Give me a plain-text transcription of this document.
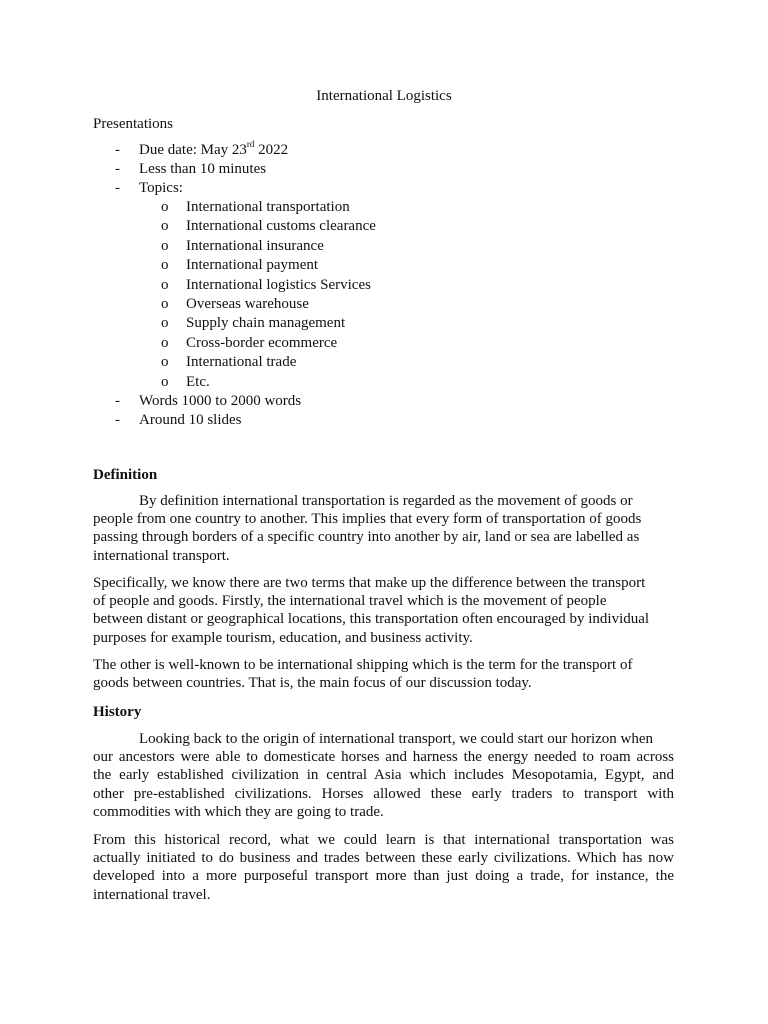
International Logistics
Presentations
- Due date: May 23rd 2022
- Less than 10 minutes
- Topics:
o International transportation
o International customs clearance
o International insurance
o International payment
o International logistics Services
o Overseas warehouse
o Supply chain management
o Cross-border ecommerce
o International trade
o Etc.
- Words 1000 to 2000 words
- Around 10 slides
Definition
By definition international transportation is regarded as the movement of goods or
people from one country to another. This implies that every form of transportation of goods
passing through borders of a specific country into another by air, land or sea are labelled as
international transport.
Specifically, we know there are two terms that make up the difference between the transport
of people and goods. Firstly, the international travel which is the movement of people
between distant or geographical locations, this transportation often encouraged by individual
purposes for example tourism, education, and business activity.
The other is well-known to be international shipping which is the term for the transport of
goods between countries. That is, the main focus of our discussion today.
History
Looking back to the origin of international transport, we could start our horizon when
our ancestors were able to domesticate horses and harness the energy needed to roam across
the early established civilization in central Asia which includes Mesopotamia, Egypt, and
other pre-established civilizations. Horses allowed these early traders to transport with
commodities with which they are going to trade.
From this historical record, what we could learn is that international transportation was
actually initiated to do business and trades between these early civilizations. Which has now
developed into a more purposeful transport more than just doing a trade, for instance, the
international travel.
